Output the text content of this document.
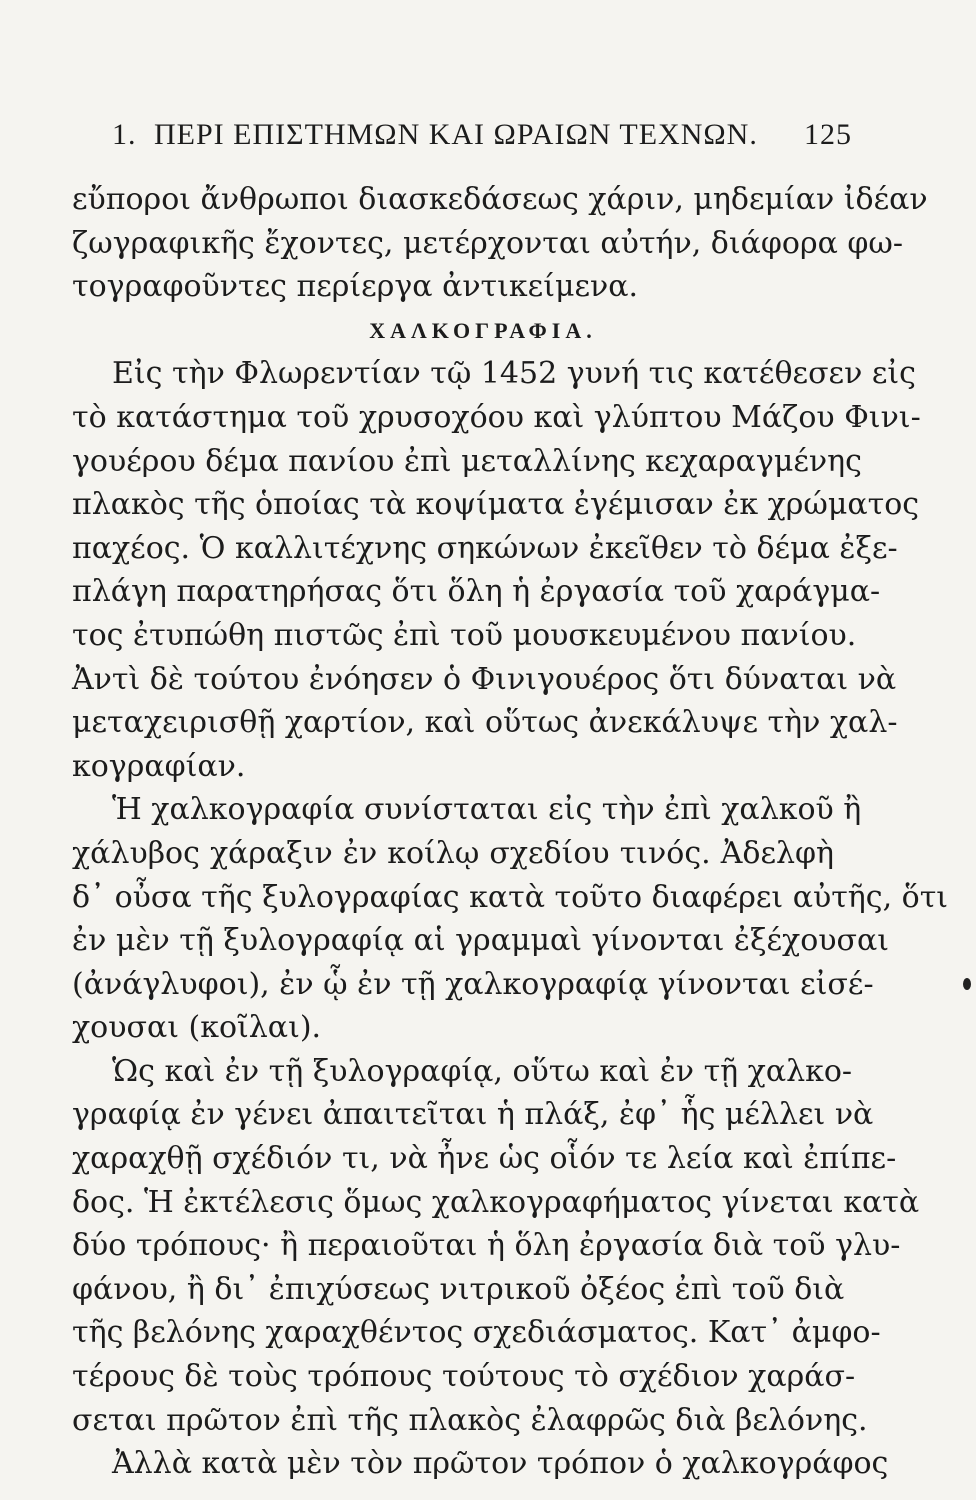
1. ΠΕΡΙ ΕΠΙΣΤΗΜΩΝ ΚΑΙ ΩΡΑΙΩΝ ΤΕΧΝΩΝ. 125
εὔποροι ἄνθρωποι διασκεδάσεως χάριν, μηδεμίαν ἰδέαν
ζωγραφικῆς ἔχοντες, μετέρχονται αὐτήν, διάφορα φω-
τογραφοῦντες περίεργα ἀντικείμενα.
ΧΑΛΚΟΓΡΑΦΙΑ.
Εἰς τὴν Φλωρεντίαν τῷ 1452 γυνή τις κατέθεσεν εἰς
τὸ κατάστημα τοῦ χρυσοχόου καὶ γλύπτου Μάζου Φινι-
γουέρου δέμα πανίου ἐπὶ μεταλλίνης κεχαραγμένης
πλακὸς τῆς ὁποίας τὰ κοψίματα ἐγέμισαν ἐκ χρώματος
παχέος. Ὁ καλλιτέχνης σηκώνων ἐκεῖθεν τὸ δέμα ἐξε-
πλάγη παρατηρήσας ὅτι ὅλη ἡ ἐργασία τοῦ χαράγμα-
τος ἐτυπώθη πιστῶς ἐπὶ τοῦ μουσκευμένου πανίου.
Ἀντὶ δὲ τούτου ἐνόησεν ὁ Φινιγουέρος ὅτι δύναται νὰ
μεταχειρισθῇ χαρτίον, καὶ οὕτως ἀνεκάλυψε τὴν χαλ-
κογραφίαν.
Ἡ χαλκογραφία συνίσταται εἰς τὴν ἐπὶ χαλκοῦ ἢ
χάλυβος χάραξιν ἐν κοίλῳ σχεδίου τινός. Ἀδελφὴ
δ᾽ οὖσα τῆς ξυλογραφίας κατὰ τοῦτο διαφέρει αὐτῆς, ὅτι
ἐν μὲν τῇ ξυλογραφίᾳ αἱ γραμμαὶ γίνονται ἐξέχουσαι
(ἀνάγλυφοι), ἐν ᾧ ἐν τῇ χαλκογραφίᾳ γίνονται εἰσέ-
χουσαι (κοῖλαι).
Ὡς καὶ ἐν τῇ ξυλογραφίᾳ, οὕτω καὶ ἐν τῇ χαλκο-
γραφίᾳ ἐν γένει ἀπαιτεῖται ἡ πλάξ, ἐφ᾽ ἧς μέλλει νὰ
χαραχθῇ σχέδιόν τι, νὰ ἦνε ὡς οἷόν τε λεία καὶ ἐπίπε-
δος. Ἡ ἐκτέλεσις ὅμως χαλκογραφήματος γίνεται κατὰ
δύο τρόπους· ἢ περαιοῦται ἡ ὅλη ἐργασία διὰ τοῦ γλυ-
φάνου, ἢ δι᾽ ἐπιχύσεως νιτρικοῦ ὀξέος ἐπὶ τοῦ διὰ
τῆς βελόνης χαραχθέντος σχεδιάσματος. Κατ᾽ ἀμφο-
τέρους δὲ τοὺς τρόπους τούτους τὸ σχέδιον χαράσ-
σεται πρῶτον ἐπὶ τῆς πλακὸς ἐλαφρῶς διὰ βελόνης.
Ἀλλὰ κατὰ μὲν τὸν πρῶτον τρόπον ὁ χαλκογράφος
